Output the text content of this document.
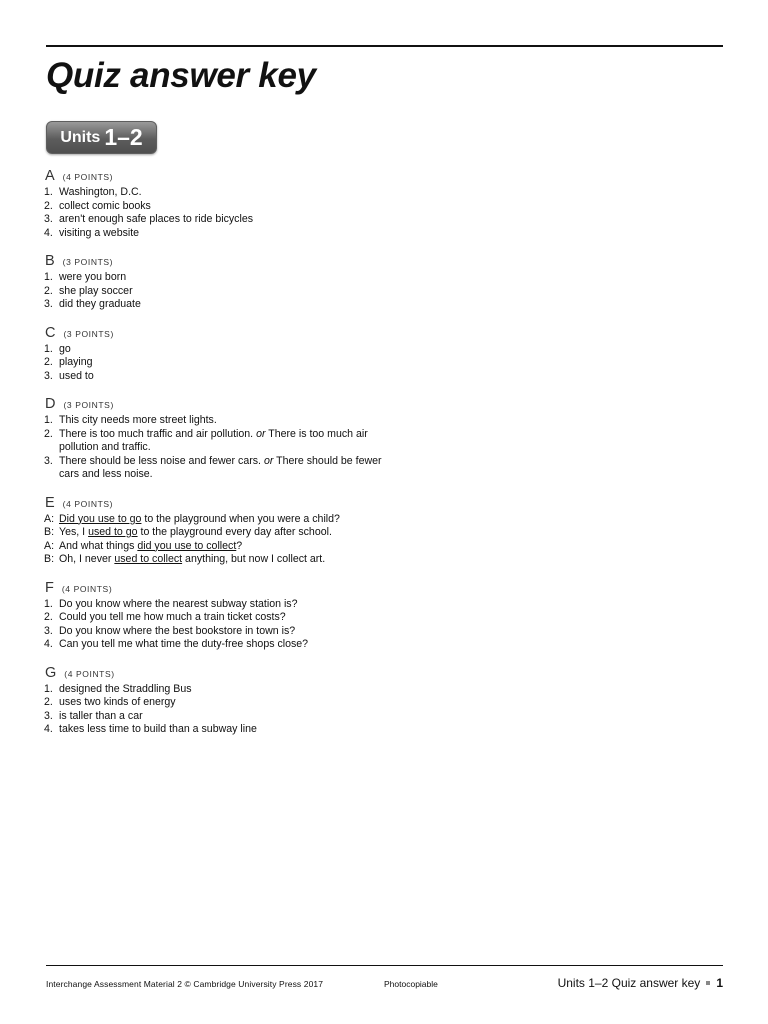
Quiz answer key
Units 1–2
A (4 POINTS)
1. Washington, D.C.
2. collect comic books
3. aren't enough safe places to ride bicycles
4. visiting a website
B (3 POINTS)
1. were you born
2. she play soccer
3. did they graduate
C (3 POINTS)
1. go
2. playing
3. used to
D (3 POINTS)
1. This city needs more street lights.
2. There is too much traffic and air pollution. or There is too much air pollution and traffic.
3. There should be less noise and fewer cars. or There should be fewer cars and less noise.
E (4 POINTS)
A: Did you use to go to the playground when you were a child?
B: Yes, I used to go to the playground every day after school.
A: And what things did you use to collect?
B: Oh, I never used to collect anything, but now I collect art.
F (4 POINTS)
1. Do you know where the nearest subway station is?
2. Could you tell me how much a train ticket costs?
3. Do you know where the best bookstore in town is?
4. Can you tell me what time the duty-free shops close?
G (4 POINTS)
1. designed the Straddling Bus
2. uses two kinds of energy
3. is taller than a car
4. takes less time to build than a subway line
Interchange Assessment Material 2 © Cambridge University Press 2017	Photocopiable	Units 1–2 Quiz answer key 1
